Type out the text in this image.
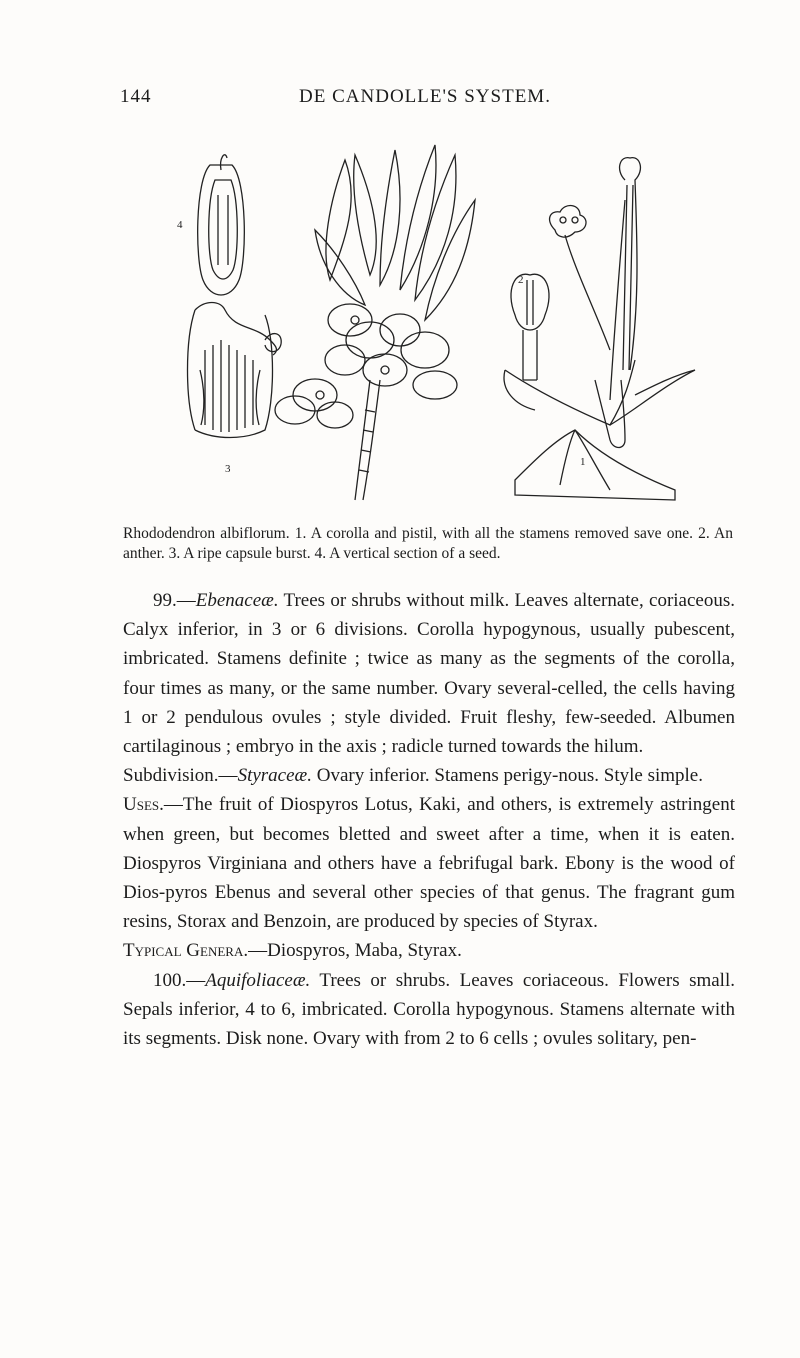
144	DE CANDOLLE'S SYSTEM.
4
3
2
1
Rhododendron albiflorum. 1. A corolla and pistil, with all the stamens removed save one. 2. An anther. 3. A ripe capsule burst. 4. A vertical section of a seed.

99.—Ebenaceæ. Trees or shrubs without milk. Leaves alternate, coriaceous. Calyx inferior, in 3 or 6 divisions. Corolla hypogynous, usually pubescent, imbricated. Stamens definite ; twice as many as the segments of the corolla, four times as many, or the same number. Ovary several-celled, the cells having 1 or 2 pendulous ovules ; style divided. Fruit fleshy, few-seeded. Albumen cartilaginous ; embryo in the axis ; radicle turned towards the hilum.

Subdivision.—Styraceæ. Ovary inferior. Stamens perigy-nous. Style simple.

Uses.—The fruit of Diospyros Lotus, Kaki, and others, is extremely astringent when green, but becomes bletted and sweet after a time, when it is eaten. Diospyros Virginiana and others have a febrifugal bark. Ebony is the wood of Dios-pyros Ebenus and several other species of that genus. The fragrant gum resins, Storax and Benzoin, are produced by species of Styrax.

Typical Genera.—Diospyros, Maba, Styrax.

100.—Aquifoliaceæ. Trees or shrubs. Leaves coriaceous. Flowers small. Sepals inferior, 4 to 6, imbricated. Corolla hypogynous. Stamens alternate with its segments. Disk none. Ovary with from 2 to 6 cells ; ovules solitary, pen-
